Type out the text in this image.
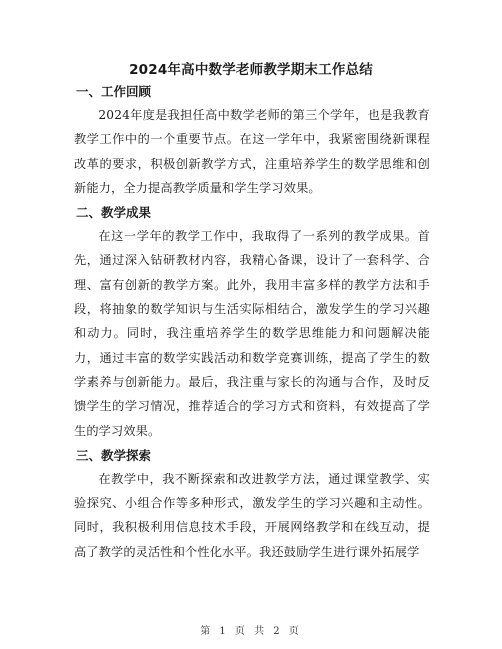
2024年高中数学老师教学期末工作总结
一、工作回顾

2024年度是我担任高中数学老师的第三个学年，也是我教育教学工作中的一个重要节点。在这一学年中，我紧密围绕新课程改革的要求，积极创新教学方式，注重培养学生的数学思维和创新能力，全力提高教学质量和学生学习效果。

二、教学成果

在这一学年的教学工作中，我取得了一系列的教学成果。首先，通过深入钻研教材内容，我精心备课，设计了一套科学、合理、富有创新的教学方案。此外，我用丰富多样的教学方法和手段，将抽象的数学知识与生活实际相结合，激发学生的学习兴趣和动力。同时，我注重培养学生的数学思维能力和问题解决能力，通过丰富的数学实践活动和数学竞赛训练，提高了学生的数学素养与创新能力。最后，我注重与家长的沟通与合作，及时反馈学生的学习情况，推荐适合的学习方式和资料，有效提高了学生的学习效果。

三、教学探索

在教学中，我不断探索和改进教学方法，通过课堂教学、实验探究、小组合作等多种形式，激发学生的学习兴趣和主动性。同时，我积极利用信息技术手段，开展网络教学和在线互动，提高了教学的灵活性和个性化水平。我还鼓励学生进行课外拓展学

第 1 页 共 2 页
